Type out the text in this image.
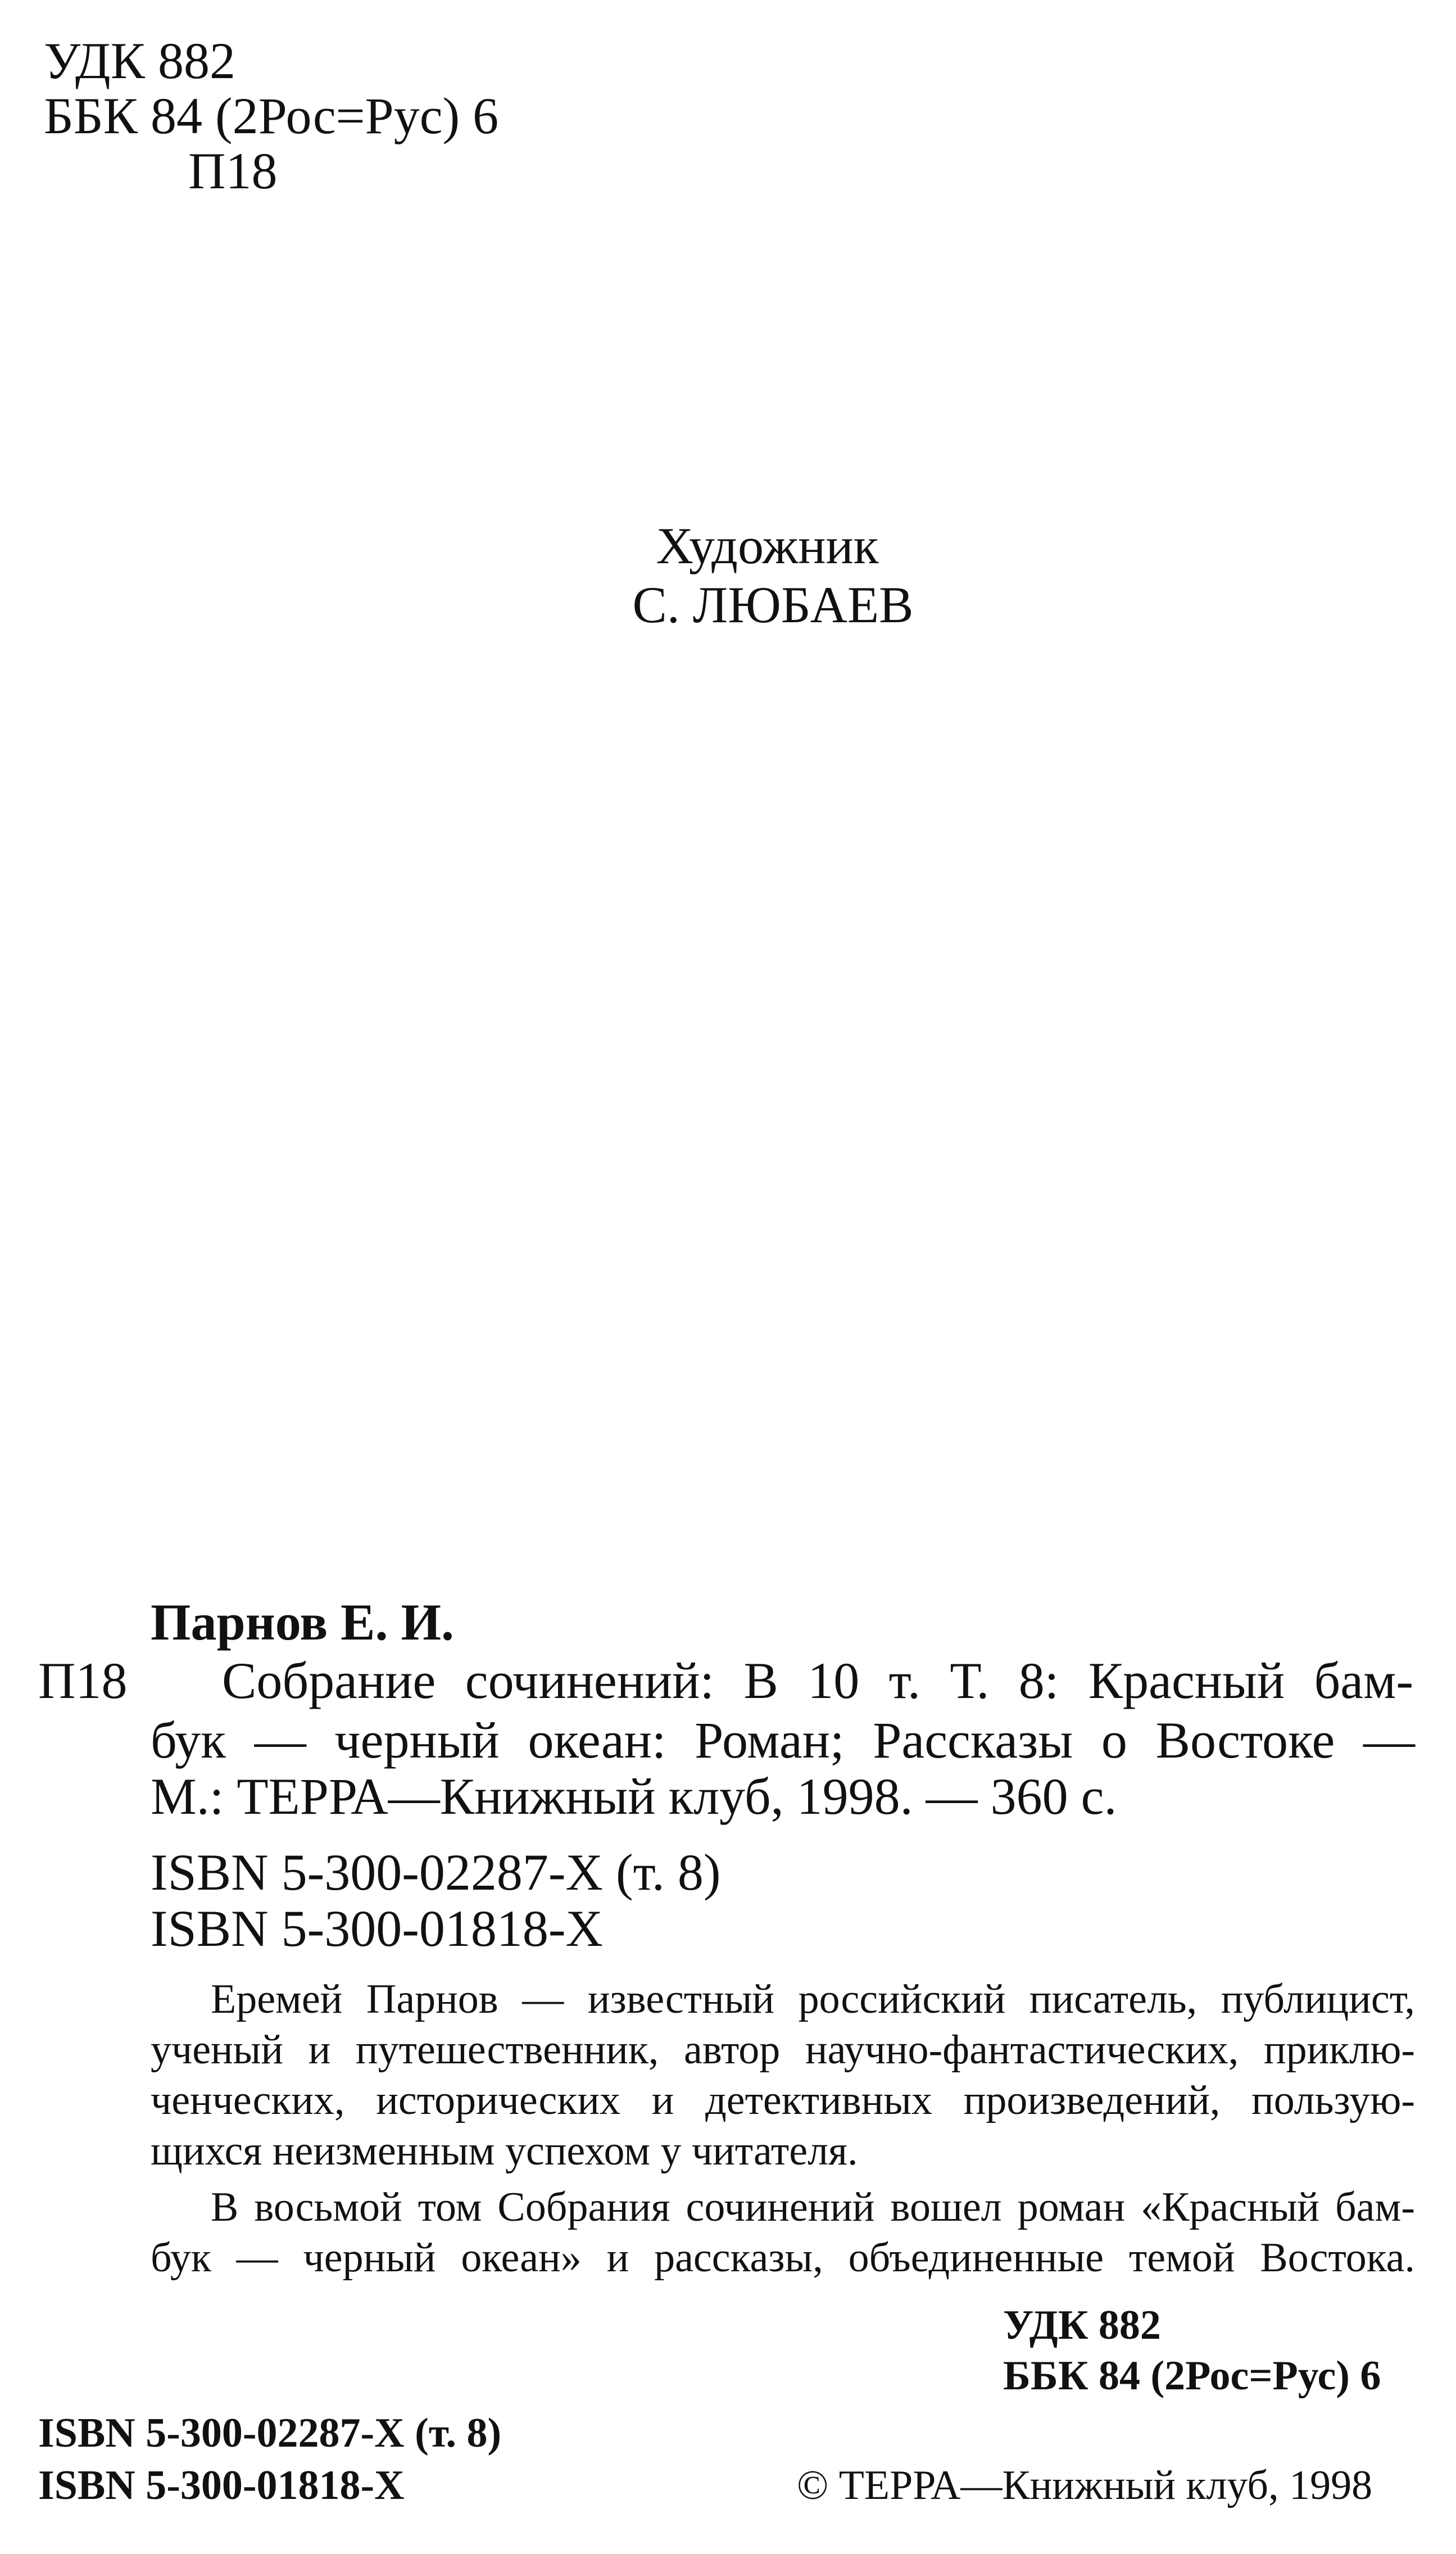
УДК 882
ББК 84 (2Рос=Рус) 6
П18
Художник
С. ЛЮБАЕВ
Парнов Е. И.
П18 Собрание сочинений: В 10 т. Т. 8: Красный бам-
бук — черный океан: Роман; Рассказы о Востоке —
М.: ТЕРРА—Книжный клуб, 1998. — 360 с.
ISBN 5-300-02287-X (т. 8)
ISBN 5-300-01818-X
Еремей Парнов — известный российский писатель, публицист,
ученый и путешественник, автор научно-фантастических, приклю-
ченческих, исторических и детективных произведений, пользую-
щихся неизменным успехом у читателя.
В восьмой том Собрания сочинений вошел роман «Красный бам-
бук — черный океан» и рассказы, объединенные темой Востока.
УДК 882
ББК 84 (2Рос=Рус) 6
ISBN 5-300-02287-X (т. 8)
ISBN 5-300-01818-X	© ТЕРРА—Книжный клуб, 1998
